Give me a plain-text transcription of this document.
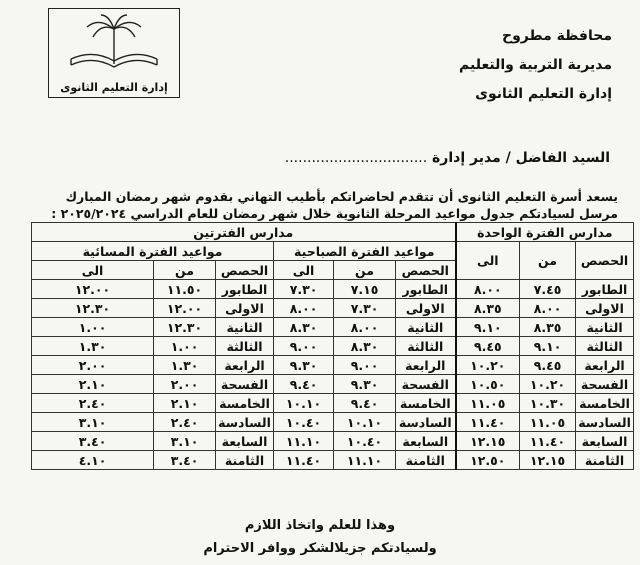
إدارة التعليم الثانوى
محافظة مطروح
مديرية التربية والتعليم
إدارة التعليم الثانوى
السيد الفاضل / مدير إدارة ................................
يسعد أسرة التعليم الثانوى أن تتقدم لحاضراتكم بأطيب التهاني بقدوم شهر رمضان المبارك
مرسل لسيادتكم جدول مواعيد المرحلة الثانوية خلال شهر رمضان للعام الدراسي ٢٠٢٥/٢٠٢٤ :
مدارس الفترة الواحدة			مدارس الفترتين					
الحصص	من	الى	مواعيد الفترة الصباحية			مواعيد الفترة المسائية		
			الحصص	من	الى	الحصص	من	الى
الطابور	٧.٤٥	٨.٠٠	الطابور	٧.١٥	٧.٣٠	الطابور	١١.٥٠	١٢.٠٠
الاولى	٨.٠٠	٨.٣٥	الاولى	٧.٣٠	٨.٠٠	الاولى	١٢.٠٠	١٢.٣٠
الثانية	٨.٣٥	٩.١٠	الثانية	٨.٠٠	٨.٣٠	الثانية	١٢.٣٠	١.٠٠
الثالثة	٩.١٠	٩.٤٥	الثالثة	٨.٣٠	٩.٠٠	الثالثة	١.٠٠	١.٣٠
الرابعة	٩.٤٥	١٠.٢٠	الرابعة	٩.٠٠	٩.٣٠	الرابعة	١.٣٠	٢.٠٠
الفسحة	١٠.٢٠	١٠.٥٠	الفسحة	٩.٣٠	٩.٤٠	الفسحة	٢.٠٠	٢.١٠
الخامسة	١٠.٣٠	١١.٠٥	الخامسة	٩.٤٠	١٠.١٠	الخامسة	٢.١٠	٢.٤٠
السادسة	١١.٠٥	١١.٤٠	السادسة	١٠.١٠	١٠.٤٠	السادسة	٢.٤٠	٣.١٠
السابعة	١١.٤٠	١٢.١٥	السابعة	١٠.٤٠	١١.١٠	السابعة	٣.١٠	٣.٤٠
الثامنة	١٢.١٥	١٢.٥٠	الثامنة	١١.١٠	١١.٤٠	الثامنة	٣.٤٠	٤.١٠
وهذا للعلم واتخاذ اللازم
ولسيادتكم جزيلالشكر ووافر الاحترام
